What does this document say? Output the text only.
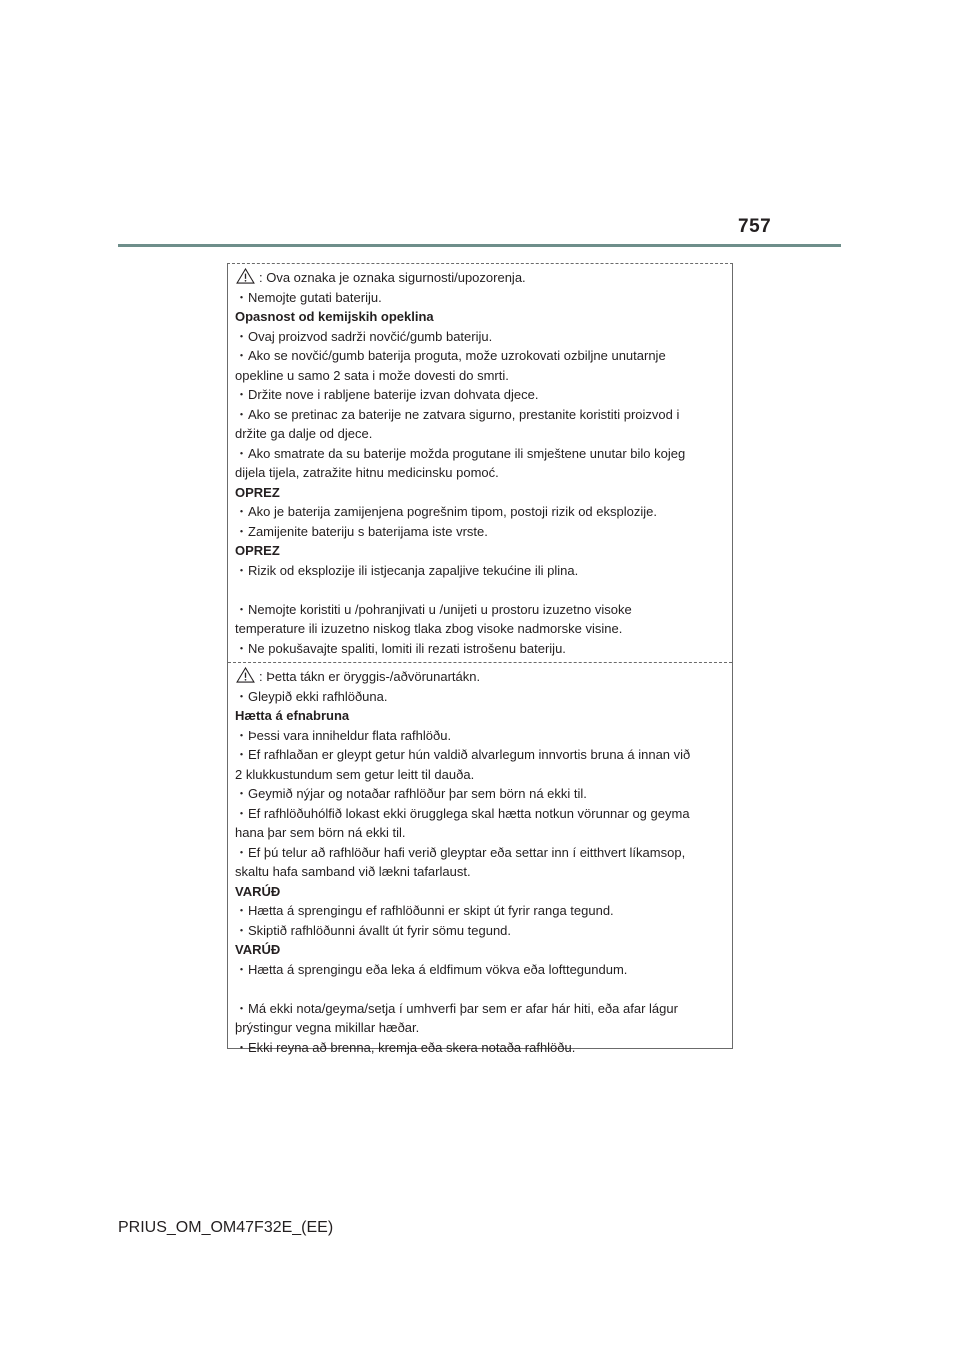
757
: Ova oznaka je oznaka sigurnosti/upozorenja.
・Nemojte gutati bateriju.
Opasnost od kemijskih opeklina
・Ovaj proizvod sadrži novčić/gumb bateriju.
・Ako se novčić/gumb baterija proguta, može uzrokovati ozbiljne unutarnje
opekline u samo 2 sata i može dovesti do smrti.
・Držite nove i rabljene baterije izvan dohvata djece.
・Ako se pretinac za baterije ne zatvara sigurno, prestanite koristiti proizvod i
držite ga dalje od djece.
・Ako smatrate da su baterije možda progutane ili smještene unutar bilo kojeg
dijela tijela, zatražite hitnu medicinsku pomoć.
OPREZ
・Ako je baterija zamijenjena pogrešnim tipom, postoji rizik od eksplozije.
・Zamijenite bateriju s baterijama iste vrste.
OPREZ
・Rizik od eksplozije ili istjecanja zapaljive tekućine ili plina.
・Nemojte koristiti u /pohranjivati u /unijeti u prostoru izuzetno visoke
temperature ili izuzetno niskog tlaka zbog visoke nadmorske visine.
・Ne pokušavajte spaliti, lomiti ili rezati istrošenu bateriju.
: Þetta tákn er öryggis-/aðvörunartákn.
・Gleypið ekki rafhlöðuna.
Hætta á efnabruna
・Þessi vara inniheldur flata rafhlöðu.
・Ef rafhlaðan er gleypt getur hún valdið alvarlegum innvortis bruna á innan við
2 klukkustundum sem getur leitt til dauða.
・Geymið nýjar og notaðar rafhlöður þar sem börn ná ekki til.
・Ef rafhlöðuhólfið lokast ekki örugglega skal hætta notkun vörunnar og geyma
hana þar sem börn ná ekki til.
・Ef þú telur að rafhlöður hafi verið gleyptar eða settar inn í eitthvert líkamsop,
skaltu hafa samband við lækni tafarlaust.
VARÚÐ
・Hætta á sprengingu ef rafhlöðunni er skipt út fyrir ranga tegund.
・Skiptið rafhlöðunni ávallt út fyrir sömu tegund.
VARÚÐ
・Hætta á sprengingu eða leka á eldfimum vökva eða lofttegundum.
・Má ekki nota/geyma/setja í umhverfi þar sem er afar hár hiti, eða afar lágur
þrýstingur vegna mikillar hæðar.
・Ekki reyna að brenna, kremja eða skera notaða rafhlöðu.
PRIUS_OM_OM47F32E_(EE)
